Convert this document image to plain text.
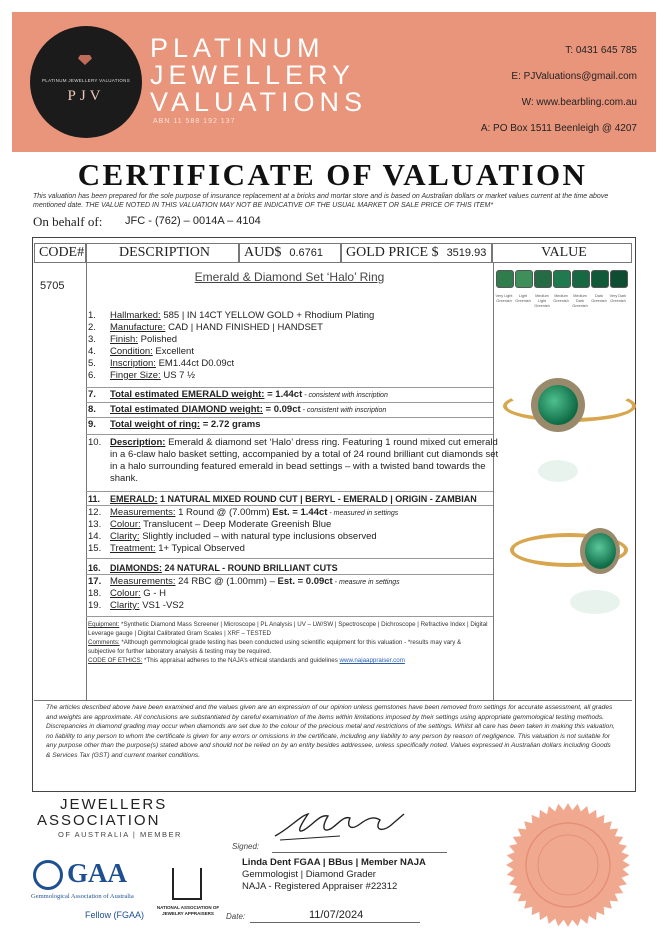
PLATINUM JEWELLERY VALUATIONS
PJV
PLATINUM
JEWELLERY
VALUATIONS
ABN 11 588 192 137
T: 0431 645 785
E: PJValuations@gmail.com
W: www.bearbling.com.au
A: PO Box 1511 Beenleigh @ 4207
CERTIFICATE OF VALUATION
This valuation has been prepared for the sole purpose of insurance replacement at a bricks and mortar store and is based on Australian dollars or market values current at the time above mentioned date. THE VALUE NOTED IN THIS VALUATION MAY NOT BE INDICATIVE OF THE USUAL MARKET OR SALE PRICE OF THIS ITEM*
On behalf of: JFC - (762) – 0014A – 4104
CODE# DESCRIPTION AUD$ 0.6761 GOLD PRICE $ 3519.93	VALUE
5705
Emerald & Diamond Set ‘Halo’ Ring
1. Hallmarked: 585 | IN 14CT YELLOW GOLD + Rhodium Plating
2. Manufacture: CAD | HAND FINISHED | HANDSET
3. Finish: Polished
4. Condition: Excellent
5. Inscription: EM1.44ct D0.09ct
6. Finger Size: US 7 ½
7. Total estimated EMERALD weight: = 1.44ct - consistent with inscription
8. Total estimated DIAMOND weight: = 0.09ct - consistent with inscription
9. Total weight of ring: = 2.72 grams
10. Description: Emerald & diamond set ‘Halo’ dress ring. Featuring 1 round mixed cut emerald
in a 6-claw halo basket setting, accompanied by a total of 24 round brilliant cut diamonds set
in a halo surrounding featured emerald in bead settings – with a twisted band towards the
shank.
11. EMERALD: 1 NATURAL MIXED ROUND CUT | BERYL - EMERALD | ORIGIN - ZAMBIAN
12. Measurements: 1 Round @ (7.00mm) Est. = 1.44ct - measured in settings
13. Colour: Translucent – Deep Moderate Greenish Blue
14. Clarity: Slightly included – with natural type inclusions observed
15. Treatment: 1+ Typical Observed
16. DIAMONDS: 24 NATURAL - ROUND BRILLIANT CUTS
17. Measurements: 24 RBC @ (1.00mm) – Est. = 0.09ct - measure in settings
18. Colour: G - H
19. Clarity: VS1 -VS2
Equipment: *Synthetic Diamond Mass Screener | Microscope | PL Analysis | UV – LW/SW | Spectroscope | Dichroscope | Refractive Index | Digital Leverage gauge | Digital Calibrated Gram Scales | XRF – TESTED
Comments: *Although gemmological grade testing has been conducted using scientific equipment for this valuation - *results may vary & subjective for further laboratory analysis & testing may be required.
CODE OF ETHICS: *This appraisal adheres to the NAJA’s ethical standards and guidelines www.najaappraiser.com
Very Light Greenish
Light Greenish
Medium Light Greenish
Medium Greenish
Medium Dark Greenish
Dark Greenish
Very Dark Greenish
The articles described above have been examined and the values given are an expression of our opinion unless gemstones have been removed from settings for accurate assessment, all grades and weights are approximate. All conclusions are substantiated by careful examination of the items within limitations imposed by their settings using appropriate gemmological testing methods. Discrepancies in diamond grading may occur when diamonds are set due to the colour of the precious metal and restrictions of the settings. Whilst all care has been taken in making this valuation, no liability to any person to whom the certificate is given for any errors or omissions in the certificate, including any liability to any person by reason of negligence. This valuation is not suitable for any purpose other than the purpose(s) stated above and should not be relied on by an entity besides addressee, unless specifically noted. Values expressed in Australian dollars including Goods & Services Tax (GST) and current market conditions.
JEWELLERS
ASSOCIATION
OF AUSTRALIA | MEMBER
GAA
Gemmological Association of Australia
Fellow (FGAA)
NATIONAL ASSOCIATION OF JEWELRY APPRAISERS
Signed:
Linda Dent FGAA | BBus | Member NAJA
Gemmologist | Diamond Grader
NAJA - Registered Appraiser #22312
Date:	11/07/2024
